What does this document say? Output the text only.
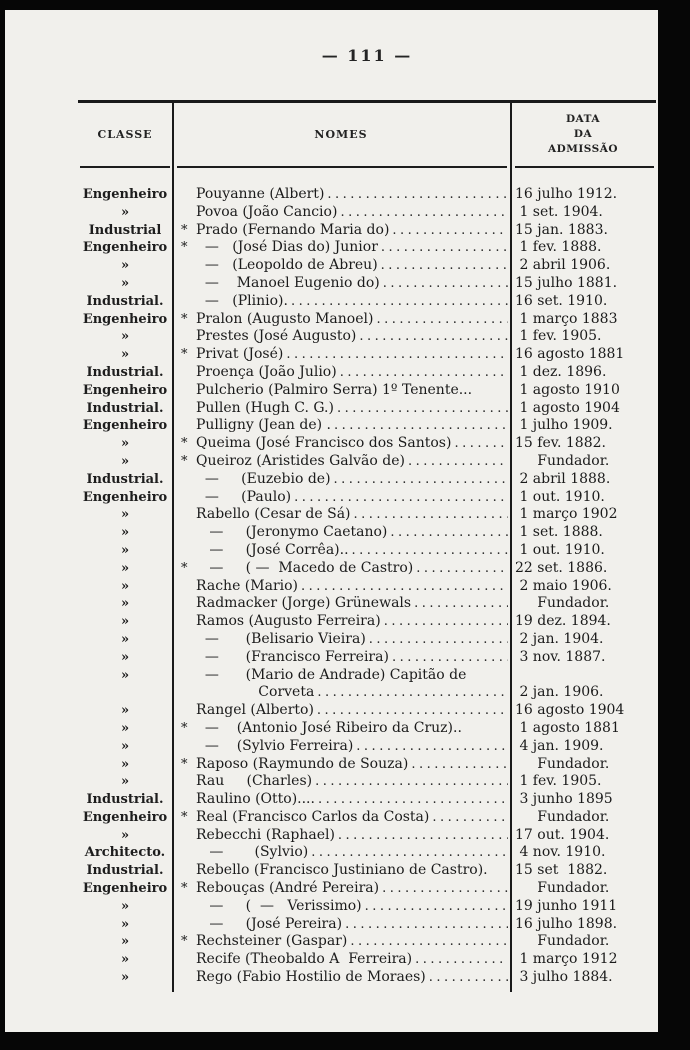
— 111 —
CLASSE	NOMES
DATA
DA
ADMISSÃO
Engenheiro	Pouyanne (Albert) .....	16 julho 1912.
»	Povoa (João Cancio) .....	1 set. 1904.
Industrial	* Prado (Fernando Maria do) .....	15 jan. 1883.
Engenheiro	* —   (José Dias do) Junior .....	1 fev. 1888.
»	—   (Leopoldo de Abreu) .....	2 abril 1906.
»	—    Manoel Eugenio do) .....	15 julho 1881.
Industrial.	—   (Plinio). .....	16 set. 1910.
Engenheiro	* Pralon (Augusto Manoel) .....	1 março 1883
»	Prestes (José Augusto) .....	1 fev. 1905.
»	* Privat (José) .....	16 agosto 1881
Industrial.	Proença (João Julio) .....	1 dez. 1896.
Engenheiro	Pulcherio (Palmiro Serra) 1º Tenente...	1 agosto 1910
Industrial.	Pullen (Hugh C. G.) .....	1 agosto 1904
Engenheiro	Pulligny (Jean de) . .....	1 julho 1909.
»	* Queima (José Francisco dos Santos) .....	15 fev. 1882.
»	* Queiroz (Aristides Galvão de) .....	Fundador.
Industrial.	—     (Euzebio de) .....	2 abril 1888.
Engenheiro	—     (Paulo) .....	1 out. 1910.
»	Rabello (Cesar de Sá) .....	1 março 1902
»	—     (Jeronymo Caetano) .....	1 set. 1888.
»	—     (José Corrêa).. .....	1 out. 1910.
»	* —     ( —  Macedo de Castro) .....	22 set. 1886.
»	Rache (Mario) .....	2 maio 1906.
»	Radmacker (Jorge) Grünewals .....	Fundador.
»	Ramos (Augusto Ferreira) .....	19 dez. 1894.
»	—      (Belisario Vieira) .....	2 jan. 1904.
»	—      (Francisco Ferreira) .....	3 nov. 1887.
»	—      (Mario de Andrade) Capitão de
Corveta .....	2 jan. 1906.
»	Rangel (Alberto) .....	16 agosto 1904
»	* —    (Antonio José Ribeiro da Cruz)..	1 agosto 1881
»	—    (Sylvio Ferreira) .....	4 jan. 1909.
»	* Raposo (Raymundo de Souza) .....	Fundador.
»	Rau     (Charles) .....	1 fev. 1905.
Industrial.	Raulino (Otto).... .....	3 junho 1895
Engenheiro	* Real (Francisco Carlos da Costa) .....	Fundador.
»	Rebecchi (Raphael) .....	17 out. 1904.
Architecto.	—       (Sylvio) .....	4 nov. 1910.
Industrial.	Rebello (Francisco Justiniano de Castro).	15 set  1882.
Engenheiro	* Rebouças (André Pereira) .....	Fundador.
»	—     (  —   Verissimo) .....	19 junho 1911
»	—     (José Pereira) .....	16 julho 1898.
»	* Rechsteiner (Gaspar) .....	Fundador.
»	Recife (Theobaldo A  Ferreira) .....	1 março 1912
»	Rego (Fabio Hostilio de Moraes) .....	3 julho 1884.
